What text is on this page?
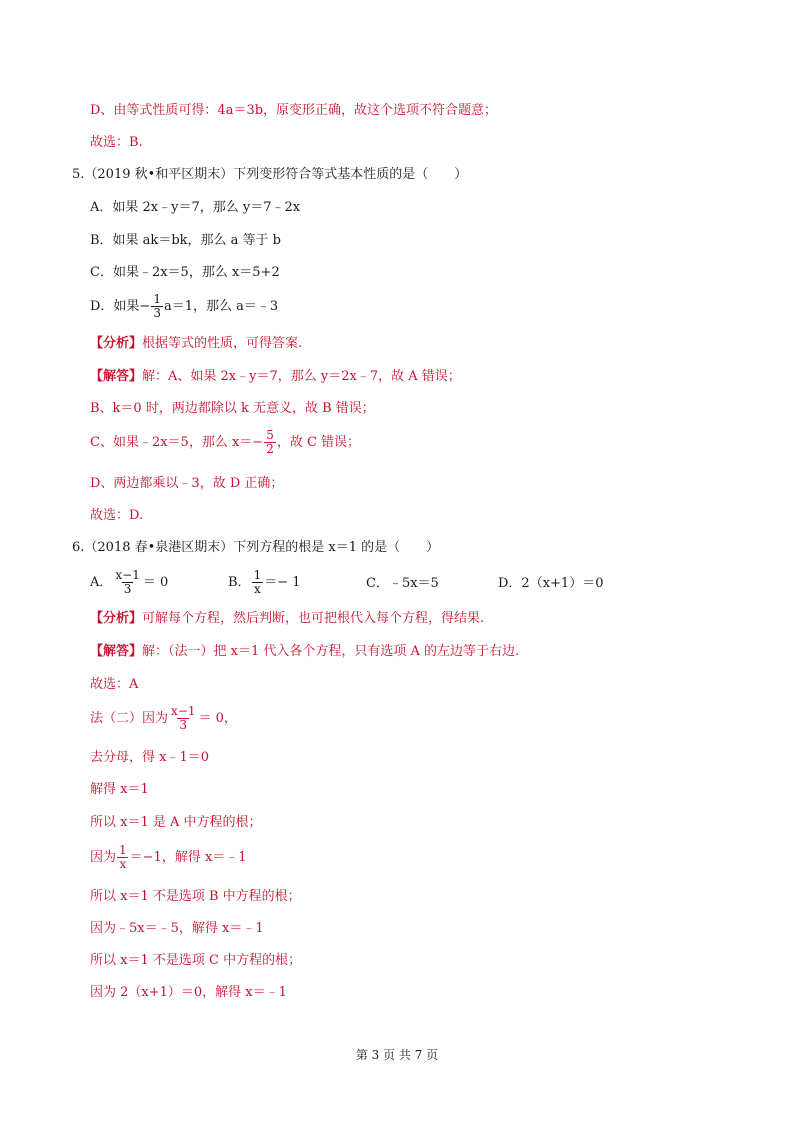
D、由等式性质可得：4a＝3b，原变形正确，故这个选项不符合题意；
故选：B.
5.（2019 秋•和平区期末）下列变形符合等式基本性质的是（　　）
A．如果 2x﹣y＝7，那么 y＝7﹣2x
B．如果 ak＝bk，那么 a 等于 b
C．如果﹣2x＝5，那么 x＝5+2
D．如果− $\frac{1}{3} a=1$，那么 a＝﹣3
【分析】根据等式的性质，可得答案.
【解答】解：A、如果 2x﹣y＝7，那么 y＝2x﹣7，故 A 错误；
B、k＝0 时，两边都除以 k 无意义，故 B 错误；
C、如果﹣2x＝5，那么 $x=- \frac{5}{2}$ ，故 C 错误；
D、两边都乘以﹣3，故 D 正确；
故选：D.
6.（2018 春•泉港区期末）下列方程的根是 x＝1 的是（　　）
A． $\frac{x-1}{3} = 0$	B． $\frac{1}{x} =- 1$	C．﹣5x＝5	D．2（x+1）＝0
【分析】可解每个方程，然后判断，也可把根代入每个方程，得结果.
【解答】解：（法一）把 x＝1 代入各个方程，只有选项 A 的左边等于右边.
故选：A
法（二）因为 $\frac{x-1}{3} = 0$，
去分母，得 x﹣1＝0
解得 x＝1
所以 x＝1 是 A 中方程的根；
因为 $\frac{1}{x} =-1$，解得 x＝﹣1
所以 x＝1 不是选项 B 中方程的根；
因为﹣5x＝﹣5，解得 x＝﹣1
所以 x＝1 不是选项 C 中方程的根；
因为 2（x+1）＝0，解得 x＝﹣1
第 3 页 共 7 页
